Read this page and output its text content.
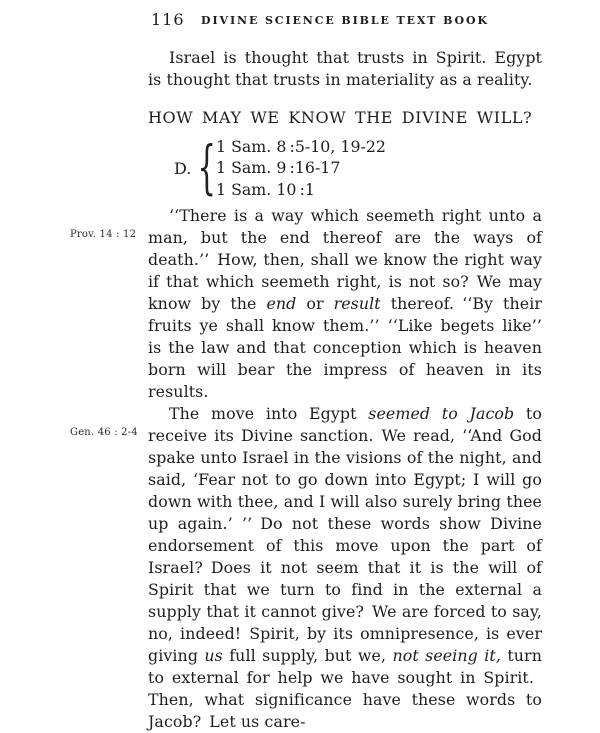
116	DIVINE SCIENCE BIBLE TEXT BOOK

Israel is thought that trusts in Spirit. Egypt is thought that trusts in materiality as a reality.

HOW MAY WE KNOW THE DIVINE WILL?
D. { 1 Sam. 8 :5-10, 19-22
1 Sam. 9 :16-17
1 Sam. 10 :1
Prov. 14 : 12

‘‘There is a way which seemeth right unto a man, but the end thereof are the ways of death.’’ How, then, shall we know the right way if that which seemeth right, is not so? We may know by the end or result thereof. ‘‘By their fruits ye shall know them.’’ ‘‘Like begets like’’ is the law and that conception which is heaven born will bear the impress of heaven in its results.

Gen. 46 : 2-4

The move into Egypt seemed to Jacob to receive its Divine sanction. We read, ‘‘And God spake unto Israel in the visions of the night, and said, ‘Fear not to go down into Egypt; I will go down with thee, and I will also surely bring thee up again.’ ’’ Do not these words show Divine endorsement of this move upon the part of Israel? Does it not seem that it is the will of Spirit that we turn to find in the external a supply that it cannot give? We are forced to say, no, indeed! Spirit, by its omnipresence, is ever giving us full supply, but we, not seeing it, turn to external for help we have sought in Spirit. Then, what significance have these words to Jacob? Let us care-
